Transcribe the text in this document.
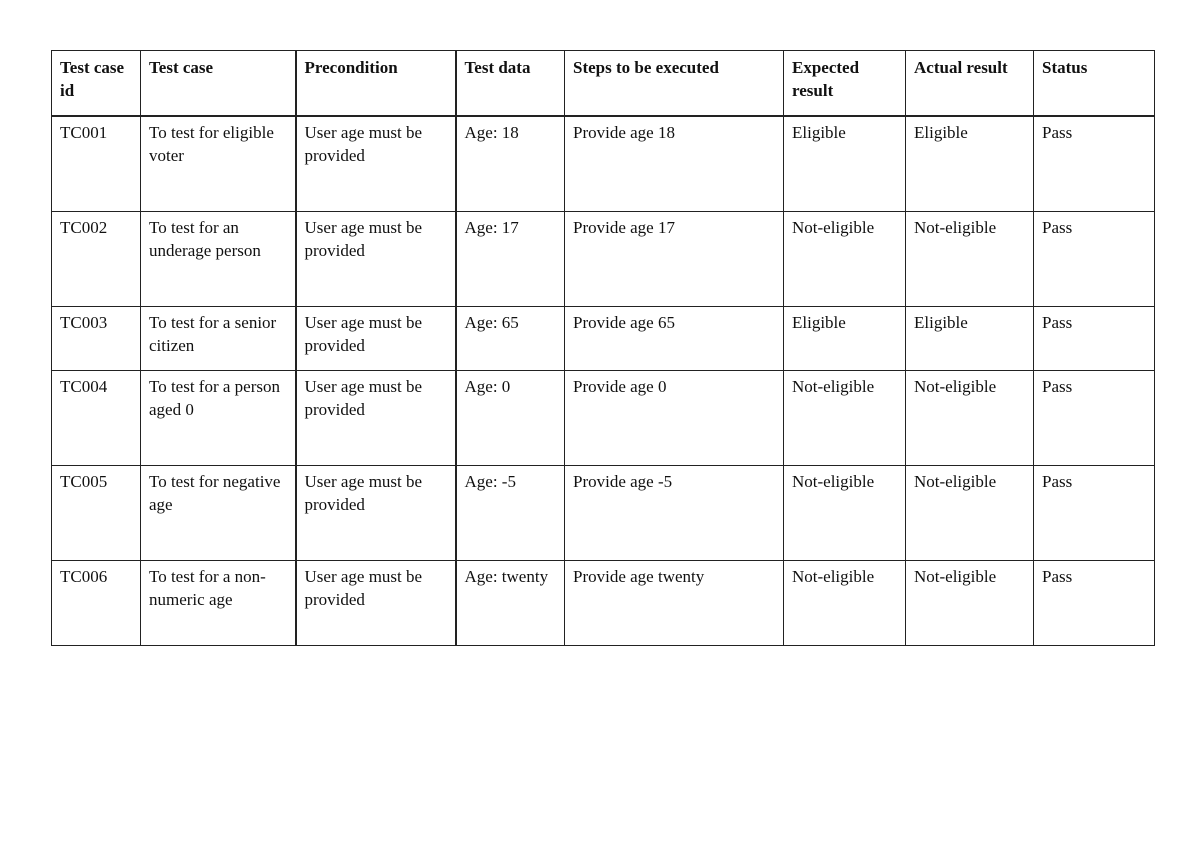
Test case id	Test case	Precondition	Test data	Steps to be executed	Expected result	Actual result	Status
TC001	To test for eligible voter	User age must be provided	Age: 18	Provide age 18	Eligible	Eligible	Pass
TC002	To test for an underage person	User age must be provided	Age: 17	Provide age 17	Not-eligible	Not-eligible	Pass
TC003	To test for a senior citizen	User age must be provided	Age: 65	Provide age 65	Eligible	Eligible	Pass
TC004	To test for a person aged 0	User age must be provided	Age: 0	Provide age 0	Not-eligible	Not-eligible	Pass
TC005	To test for negative age	User age must be provided	Age: -5	Provide age -5	Not-eligible	Not-eligible	Pass
TC006	To test for a non-numeric age	User age must be provided	Age: twenty	Provide age twenty	Not-eligible	Not-eligible	Pass
